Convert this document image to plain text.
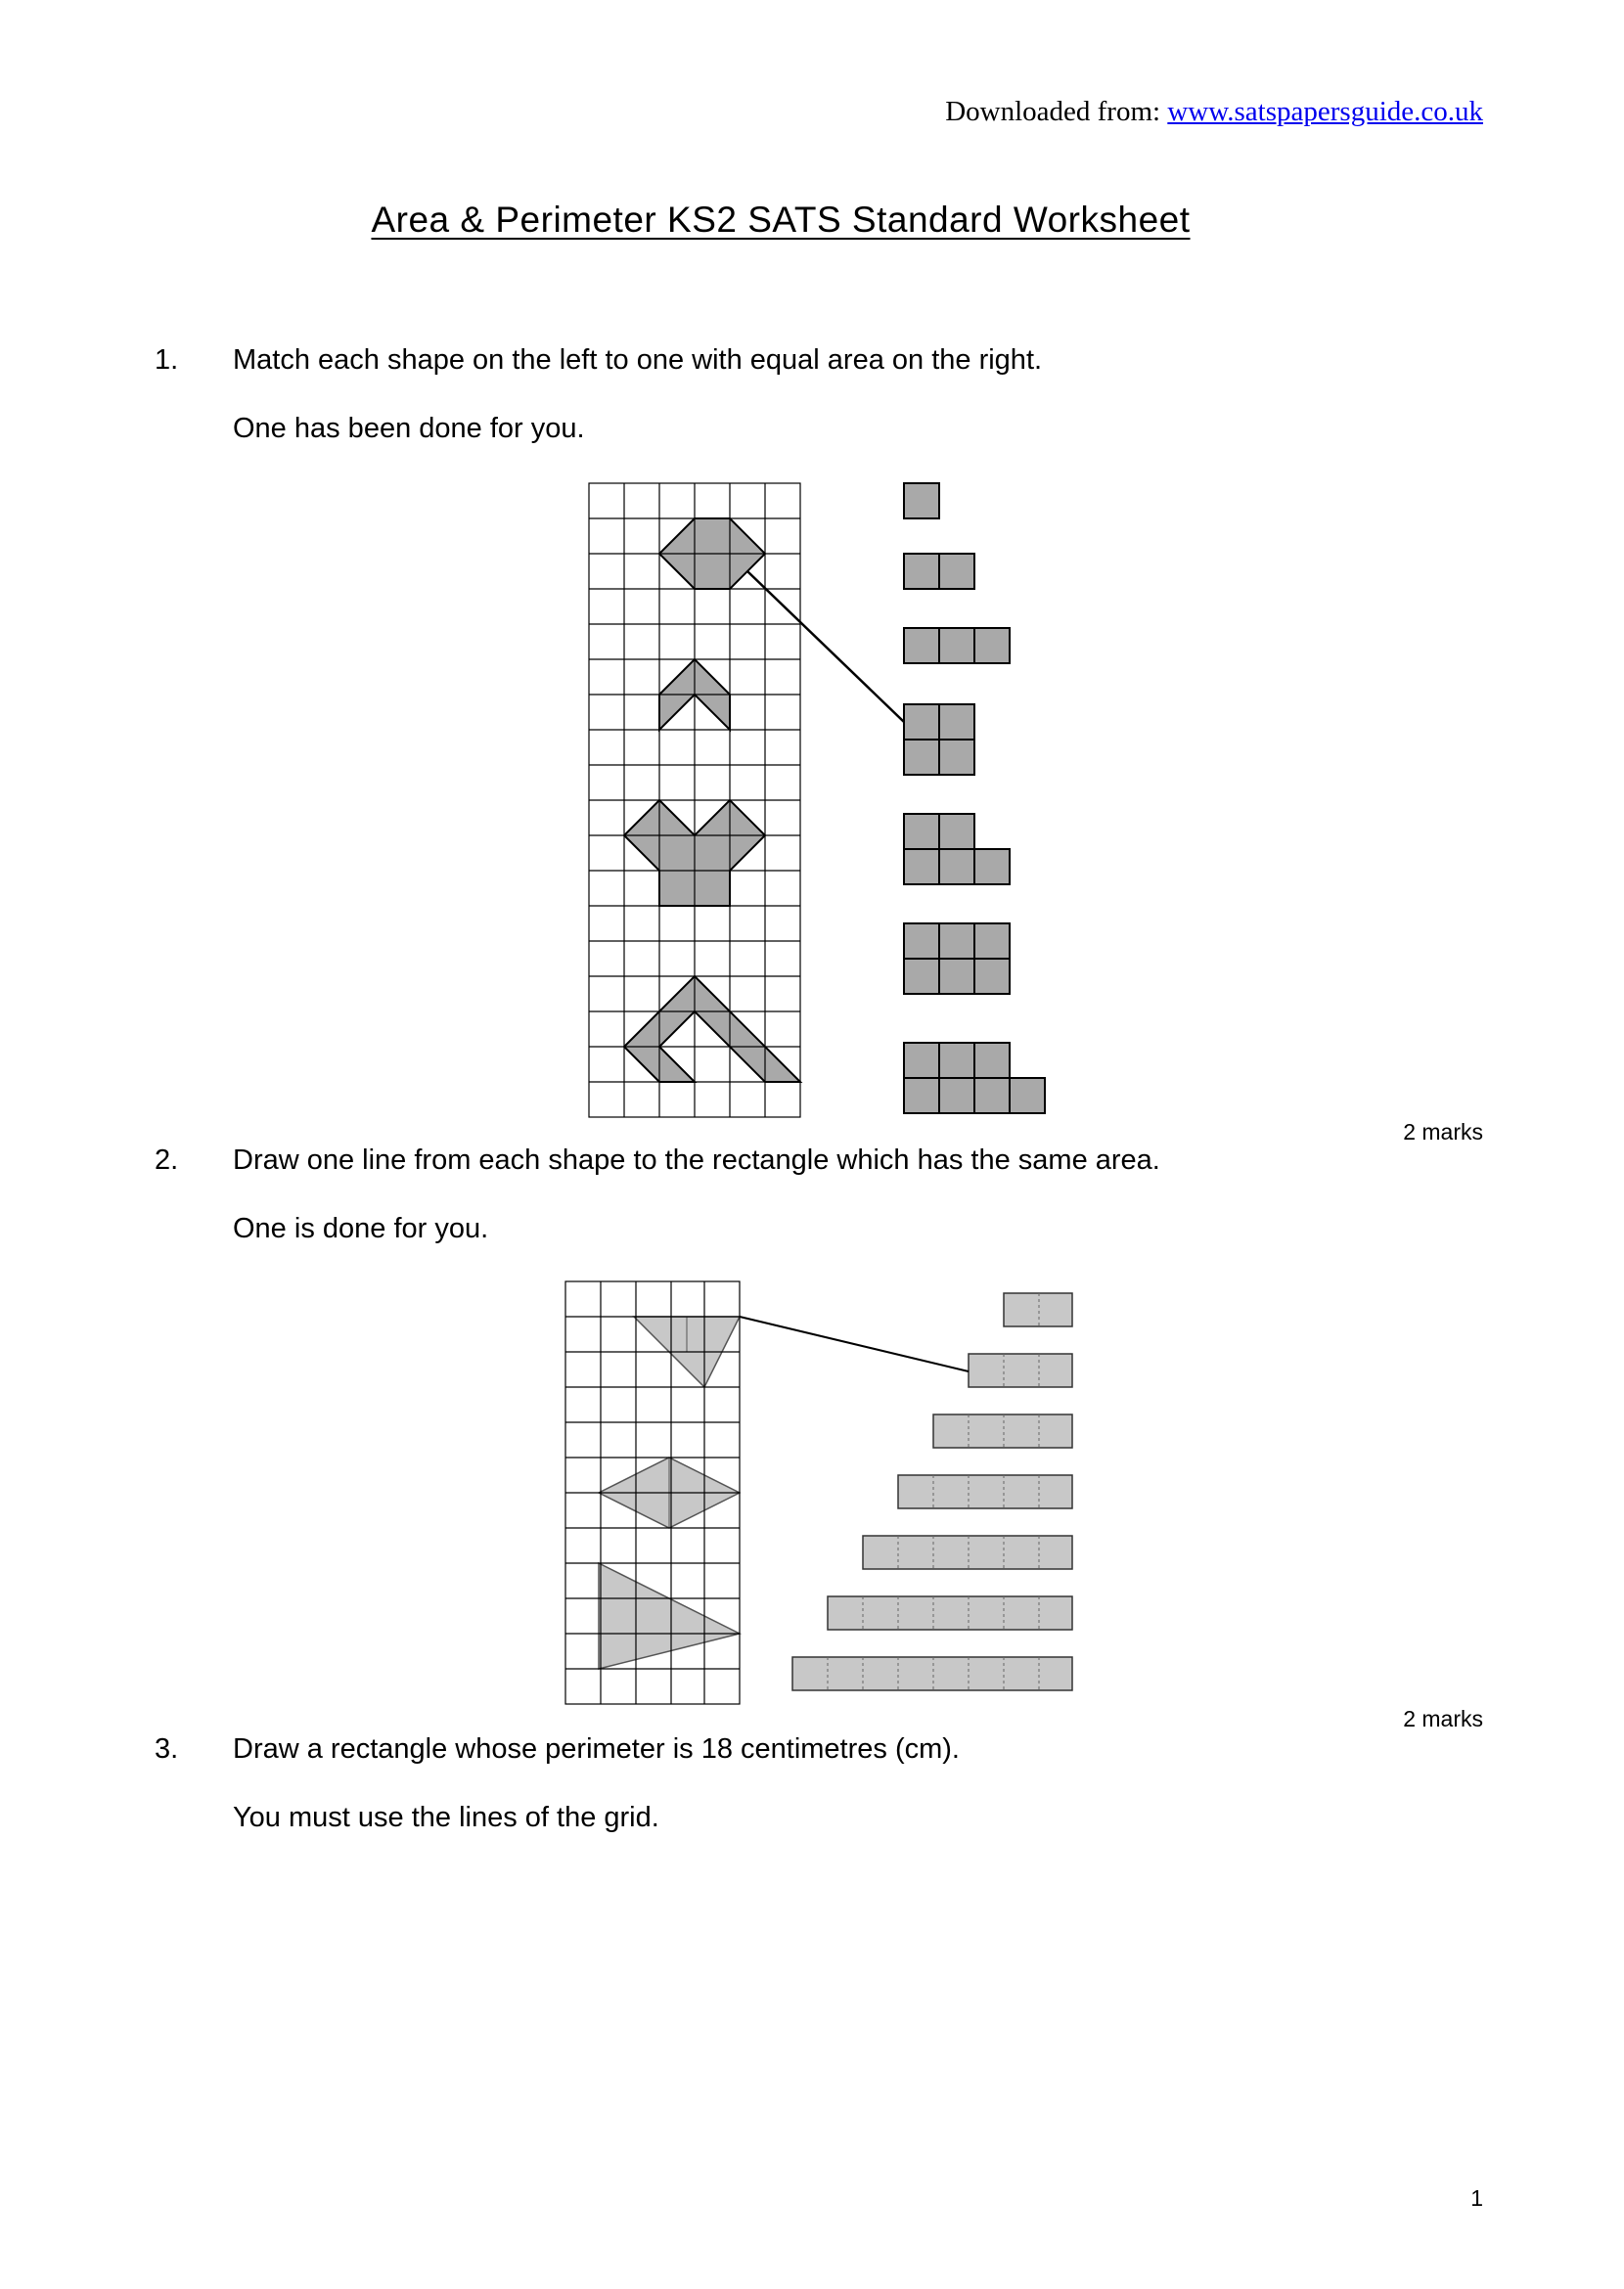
Downloaded from: www.satspapersguide.co.uk
Area & Perimeter KS2 SATS Standard Worksheet
1. Match each shape on the left to one with equal area on the right.
One has been done for you.
2 marks
2. Draw one line from each shape to the rectangle which has the same area.
One is done for you.
2 marks
3. Draw a rectangle whose perimeter is 18 centimetres (cm).
You must use the lines of the grid.
1
